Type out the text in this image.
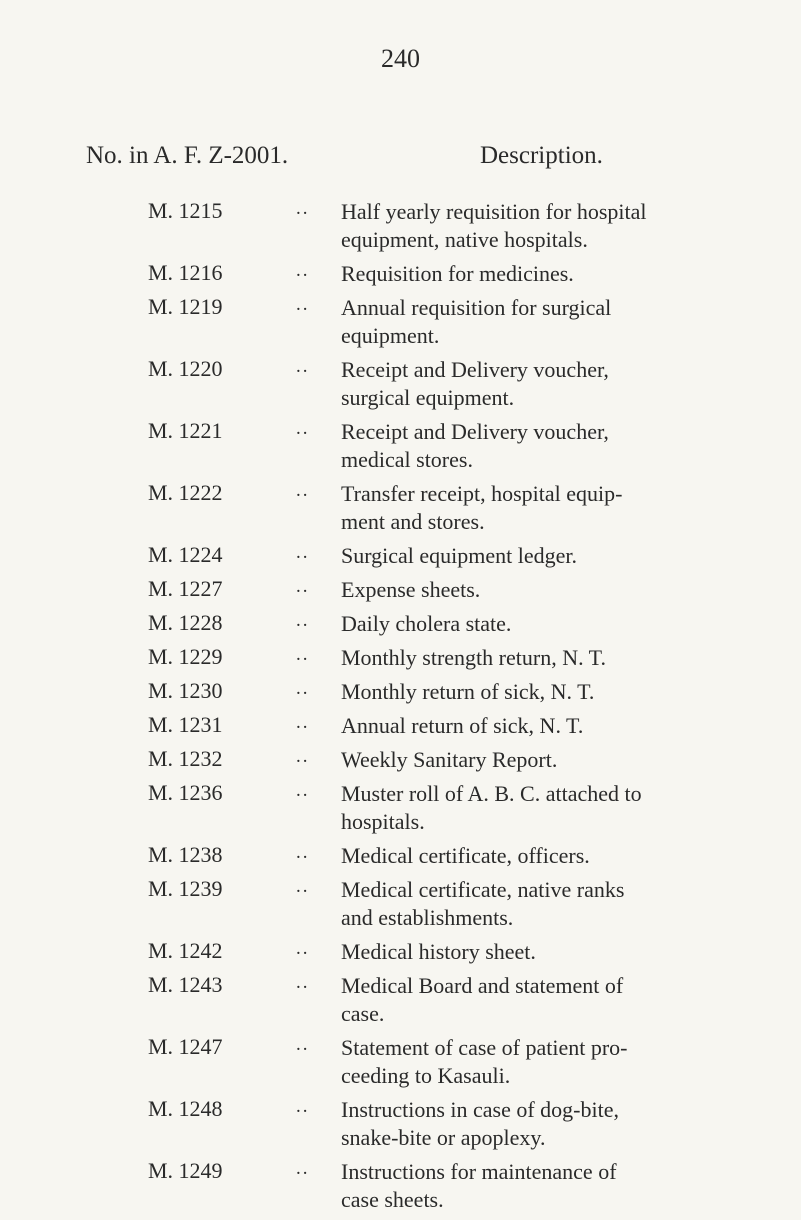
240
No. in A. F. Z-2001.	Description.
M. 1215	.. Half yearly requisition for hospital
equipment, native hospitals.
M. 1216	.. Requisition for medicines.
M. 1219	.. Annual requisition for surgical
equipment.
M. 1220	.. Receipt and Delivery voucher,
surgical equipment.
M. 1221	.. Receipt and Delivery voucher,
medical stores.
M. 1222	.. Transfer receipt, hospital equip-
ment and stores.
M. 1224	.. Surgical equipment ledger.
M. 1227	.. Expense sheets.
M. 1228	.. Daily cholera state.
M. 1229	.. Monthly strength return, N. T.
M. 1230	.. Monthly return of sick, N. T.
M. 1231	.. Annual return of sick, N. T.
M. 1232	.. Weekly Sanitary Report.
M. 1236	.. Muster roll of A. B. C. attached to
hospitals.
M. 1238	.. Medical certificate, officers.
M. 1239	.. Medical certificate, native ranks
and establishments.
M. 1242	.. Medical history sheet.
M. 1243	.. Medical Board and statement of
case.
M. 1247	.. Statement of case of patient pro-
ceeding to Kasauli.
M. 1248	.. Instructions in case of dog-bite,
snake-bite or apoplexy.
M. 1249	.. Instructions for maintenance of
case sheets.
